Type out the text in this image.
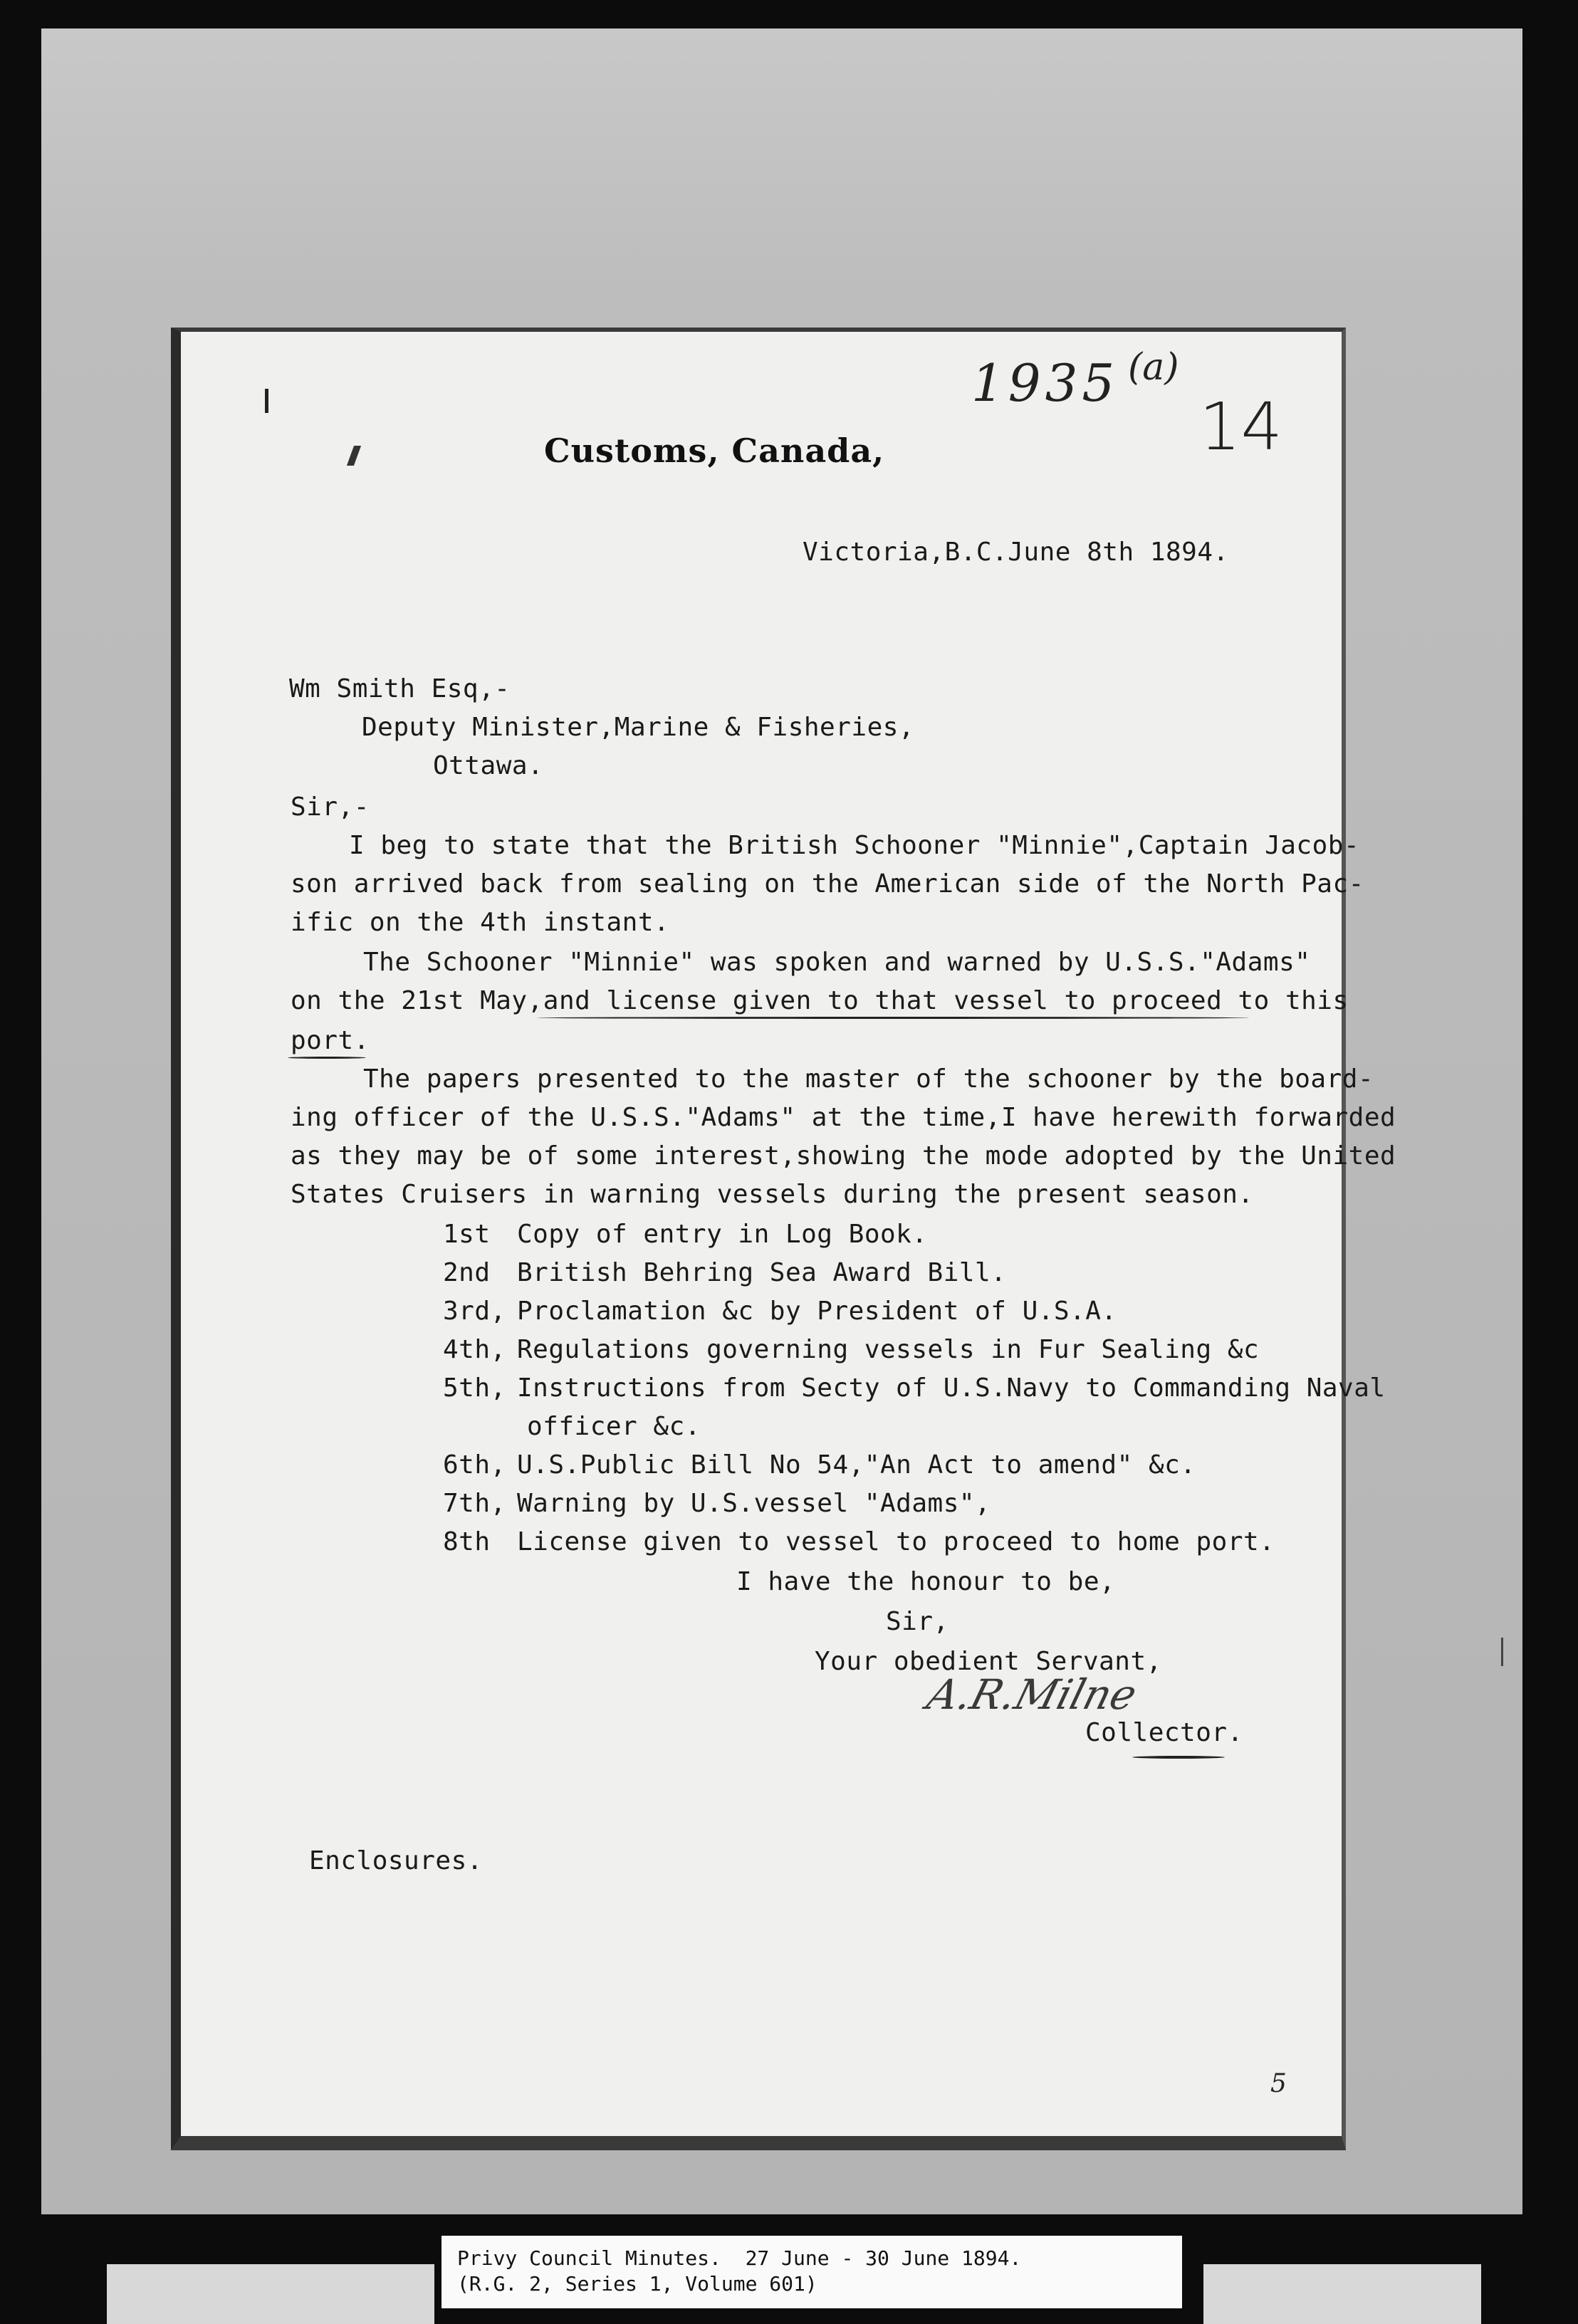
1935 (a)
14
Customs, Canada,
Victoria,B.C.June 8th 1894.
Wm Smith Esq,-
Deputy Minister,Marine & Fisheries,
Ottawa.
Sir,-
I beg to state that the British Schooner "Minnie",Captain Jacob-
son arrived back from sealing on the American side of the North Pac-
ific on the 4th instant.
The Schooner "Minnie" was spoken and warned by U.S.S."Adams"
on the 21st May,and license given to that vessel to proceed to this
port.
The papers presented to the master of the schooner by the board-
ing officer of the U.S.S."Adams" at the time,I have herewith forwarded
as they may be of some interest,showing the mode adopted by the United
States Cruisers in warning vessels during the present season.
1st Copy of entry in Log Book.
2nd British Behring Sea Award Bill.
3rd, Proclamation &c by President of U.S.A.
4th, Regulations governing vessels in Fur Sealing &c
5th, Instructions from Secty of U.S.Navy to Commanding Naval
officer &c.
6th, U.S.Public Bill No 54,"An Act to amend" &c.
7th, Warning by U.S.vessel "Adams",
8th License given to vessel to proceed to home port.
I have the honour to be,
Sir,
Your obedient Servant,
A.R.Milne
Collector.
Enclosures.
5
Privy Council Minutes.  27 June - 30 June 1894.
(R.G. 2, Series 1, Volume 601)
